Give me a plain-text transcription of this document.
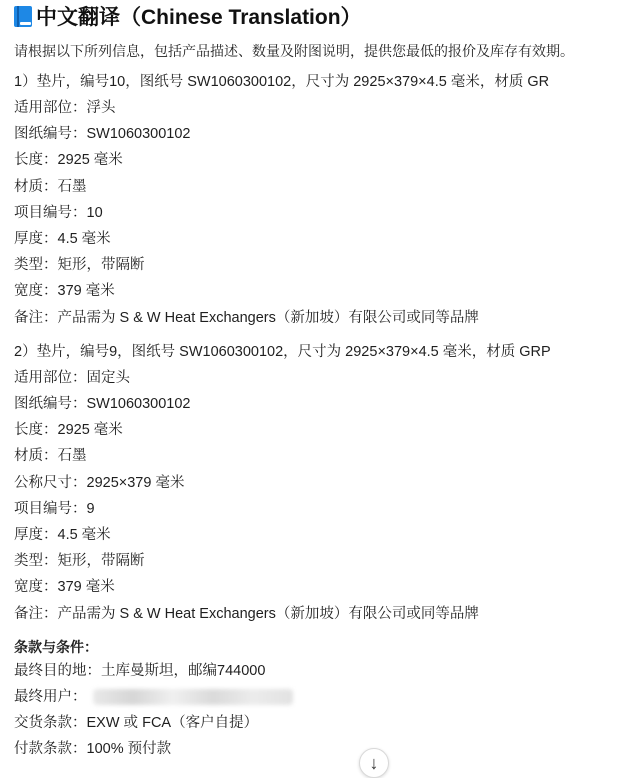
中文翻译（Chinese Translation）
请根据以下所列信息，包括产品描述、数量及附图说明，提供您最低的报价及库存有效期。
1）垫片，编号10，图纸号 SW1060300102，尺寸为 2925×379×4.5 毫米，材质 GR
适用部位：浮头
图纸编号：SW1060300102
长度：2925 毫米
材质：石墨
项目编号：10
厚度：4.5 毫米
类型：矩形，带隔断
宽度：379 毫米
备注：产品需为 S & W Heat Exchangers（新加坡）有限公司或同等品牌
2）垫片，编号9，图纸号 SW1060300102，尺寸为 2925×379×4.5 毫米，材质 GRP
适用部位：固定头
图纸编号：SW1060300102
长度：2925 毫米
材质：石墨
公称尺寸：2925×379 毫米
项目编号：9
厚度：4.5 毫米
类型：矩形，带隔断
宽度：379 毫米
备注：产品需为 S & W Heat Exchangers（新加坡）有限公司或同等品牌
条款与条件：
最终目的地：土库曼斯坦，邮编744000
最终用户：
交货条款：EXW 或 FCA（客户自提）
付款条款：100% 预付款
↓
